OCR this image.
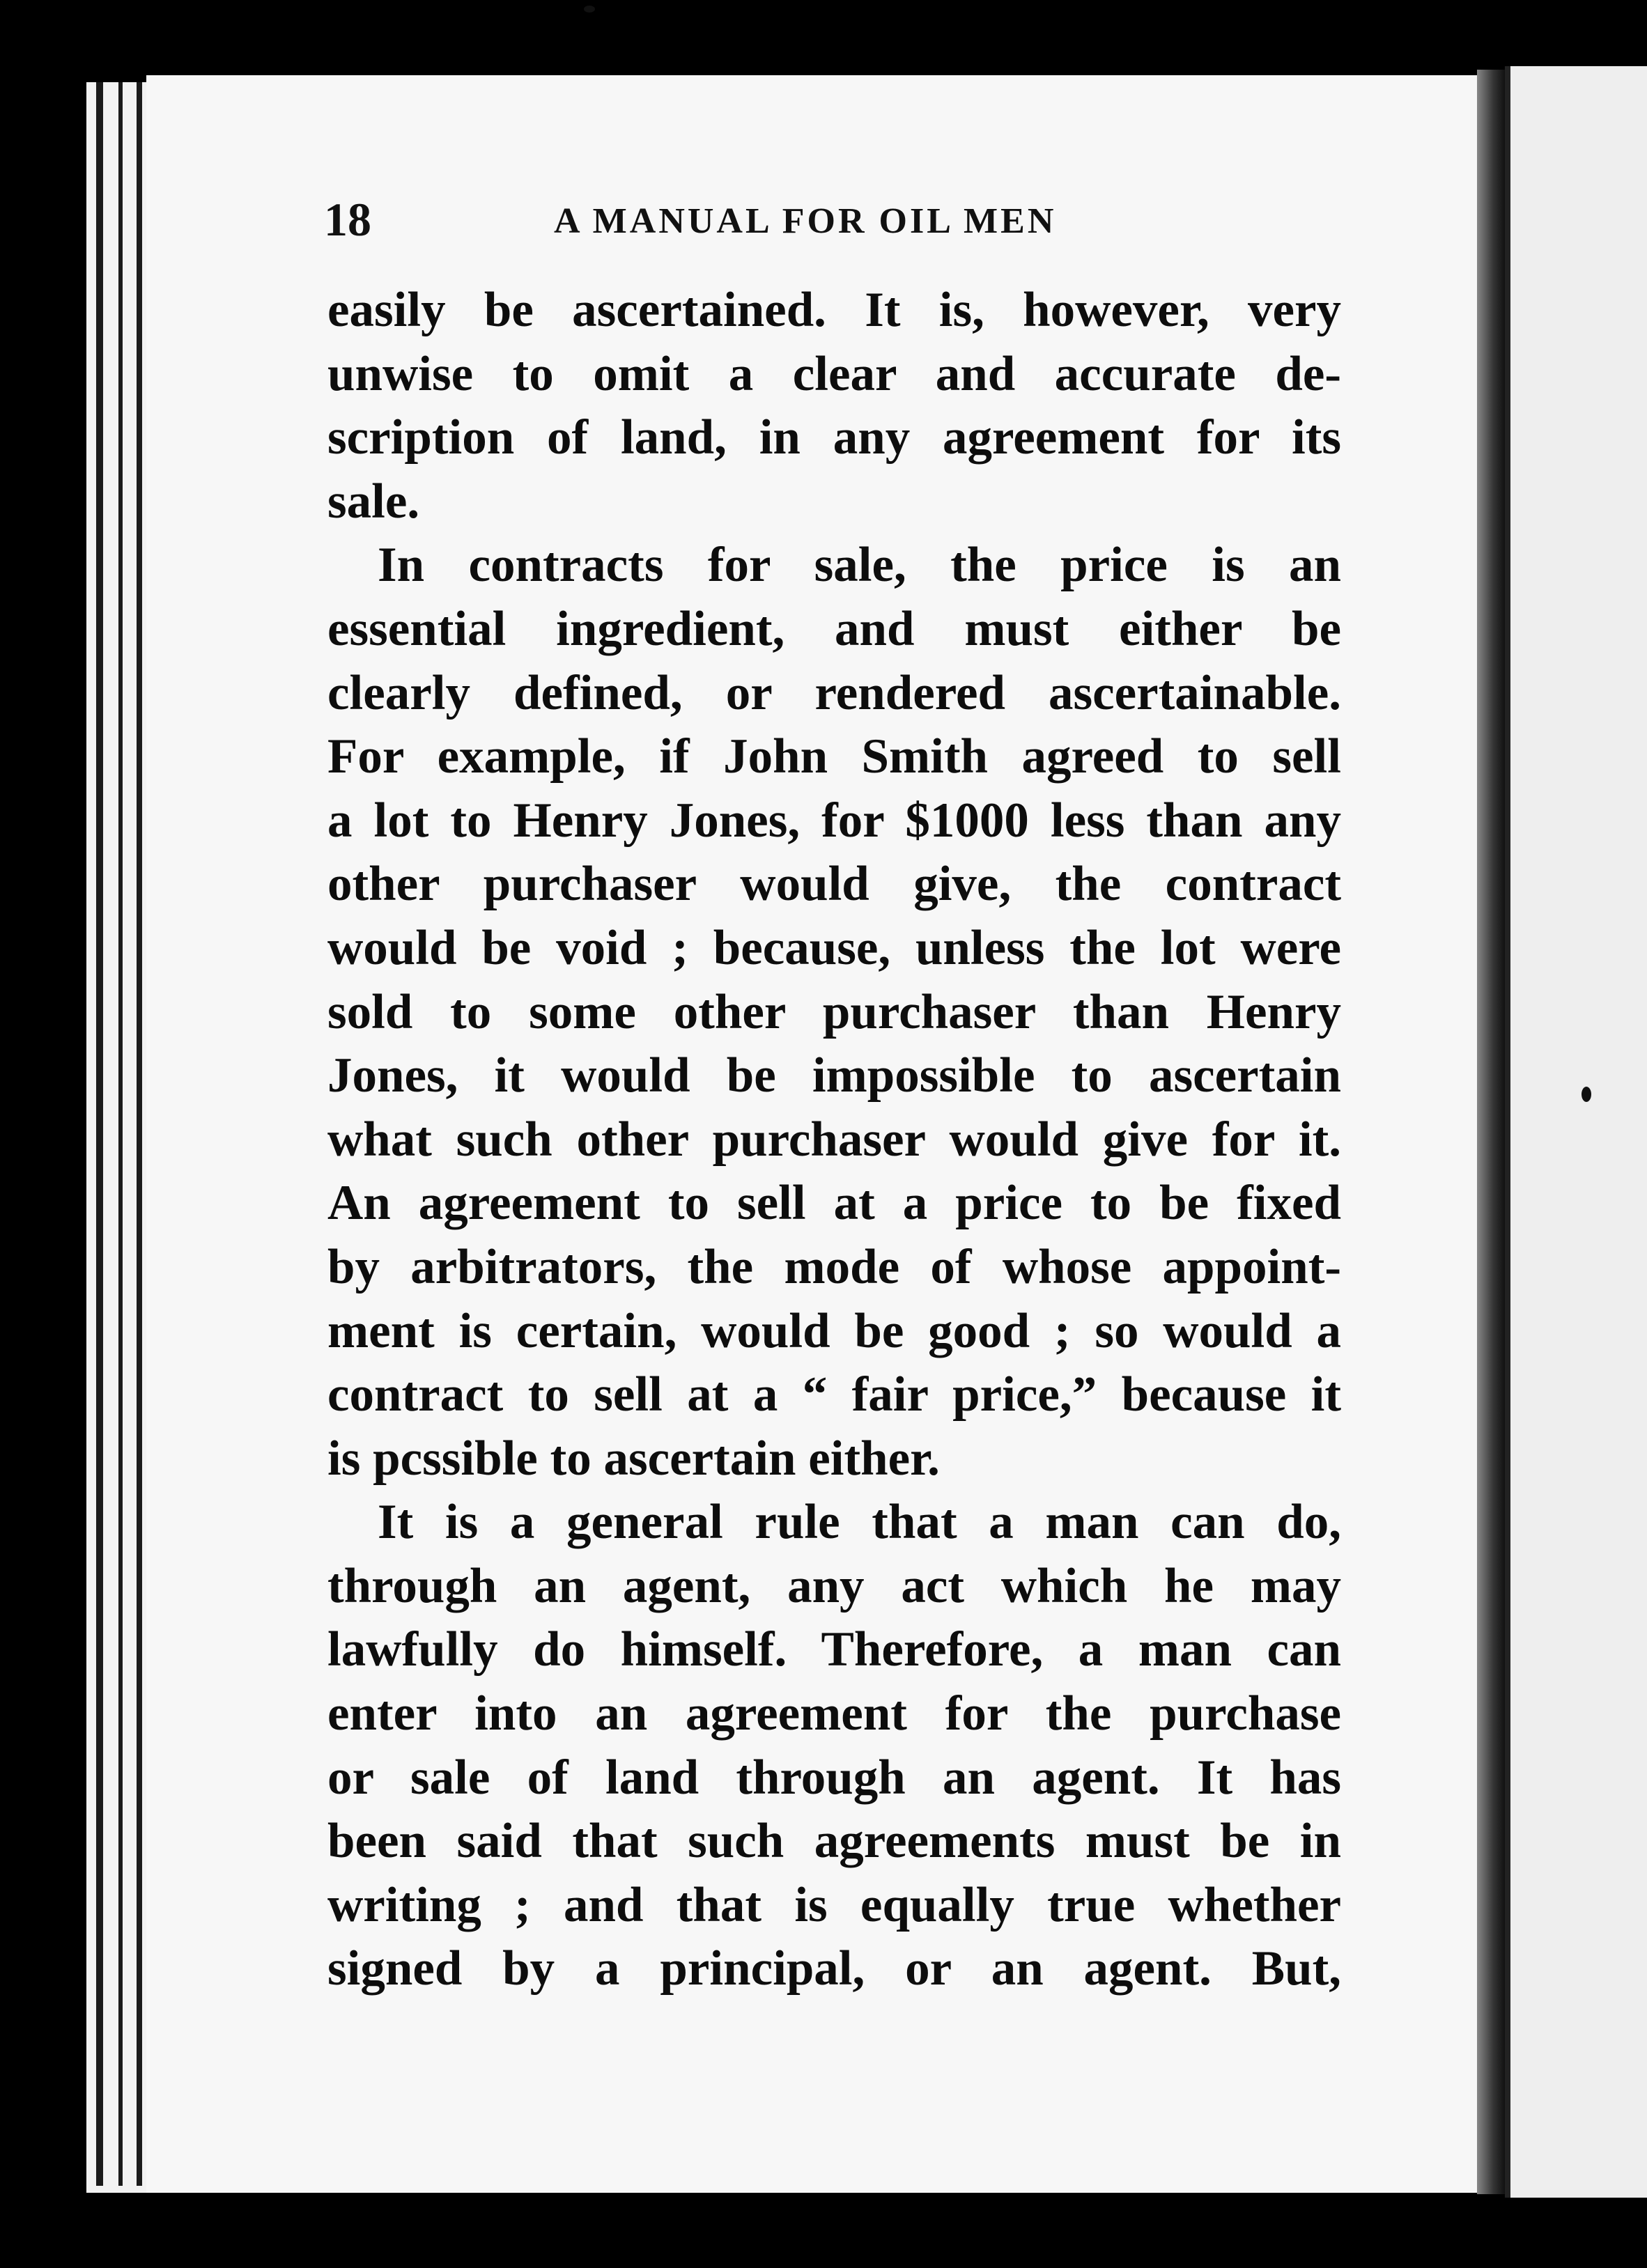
18	A MANUAL FOR OIL MEN

easily be ascertained. It is, however, very
unwise to omit a clear and accurate de-
scription of land, in any agreement for its
sale.

In contracts for sale, the price is an
essential ingredient, and must either be
clearly defined, or rendered ascertainable.
For example, if John Smith agreed to sell
a lot to Henry Jones, for $1000 less than any
other purchaser would give, the contract
would be void ; because, unless the lot were
sold to some other purchaser than Henry
Jones, it would be impossible to ascertain
what such other purchaser would give for it.
An agreement to sell at a price to be fixed
by arbitrators, the mode of whose appoint-
ment is certain, would be good ; so would a
contract to sell at a “ fair price,” because it
is pcssible to ascertain either.

It is a general rule that a man can do,
through an agent, any act which he may
lawfully do himself. Therefore, a man can
enter into an agreement for the purchase
or sale of land through an agent. It has
been said that such agreements must be in
writing ; and that is equally true whether
signed by a principal, or an agent. But,
